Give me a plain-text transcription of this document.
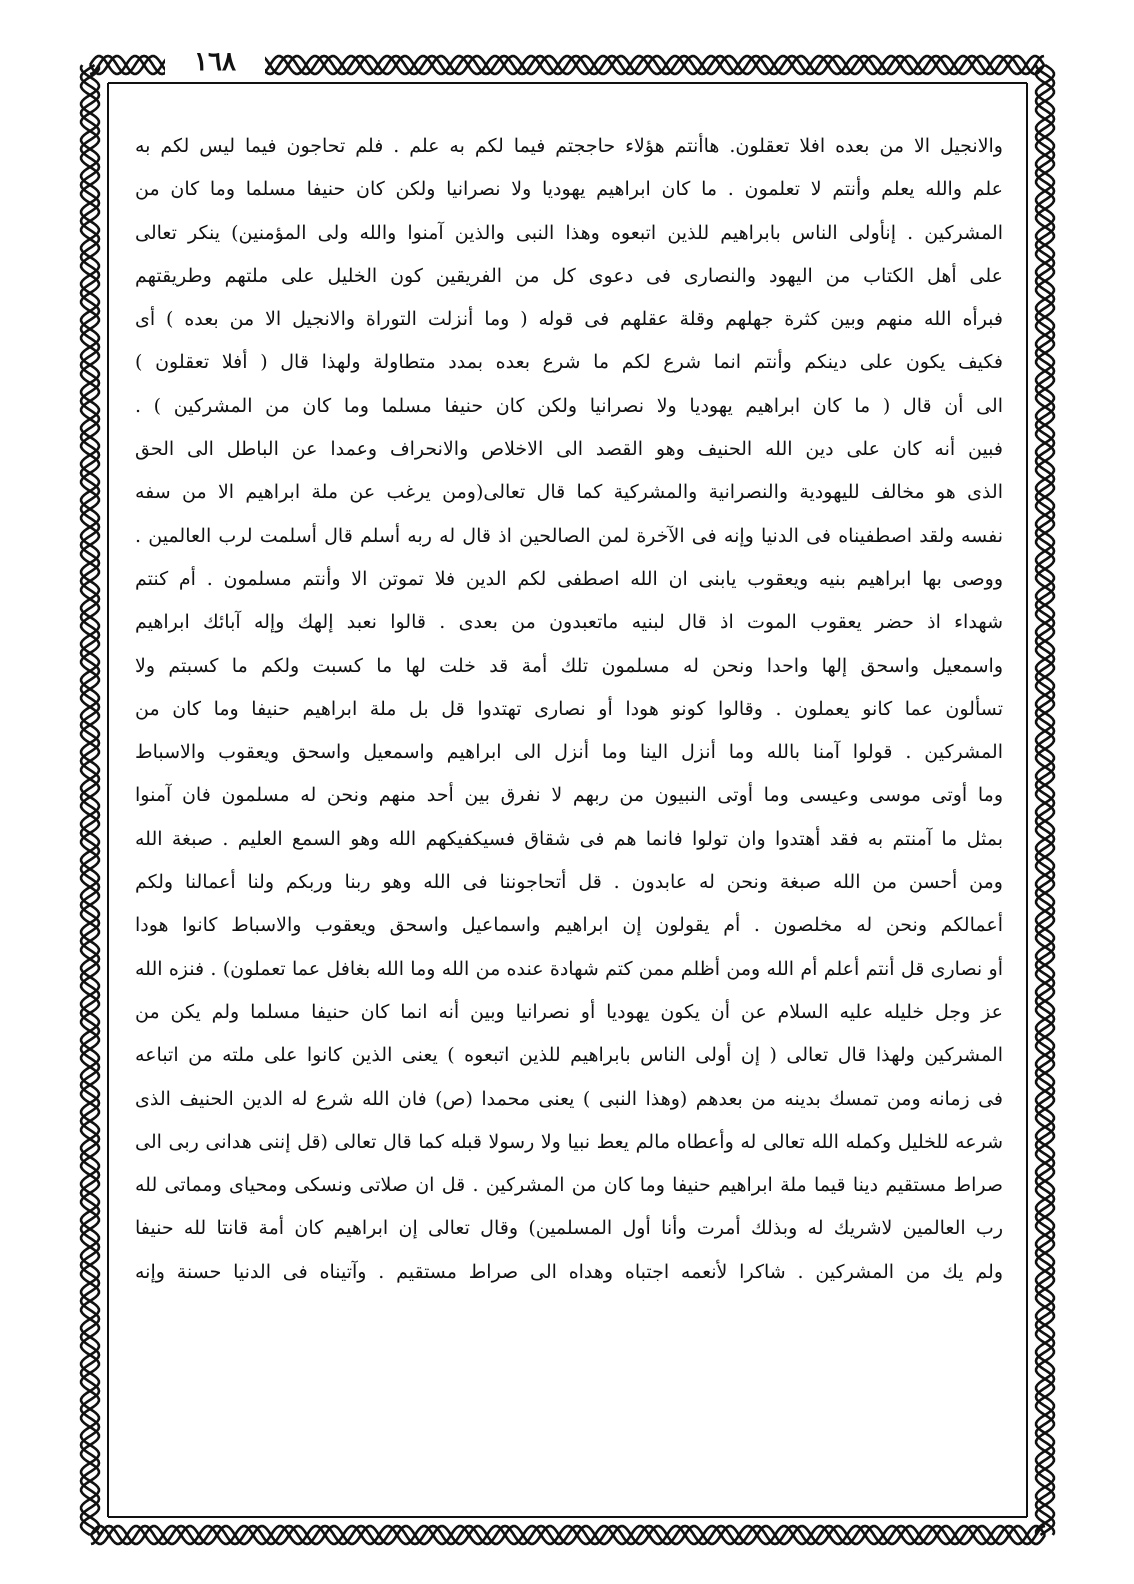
١٦٨
والانجيل الا من بعده افلا تعقلون. هاأنتم هؤلاء حاججتم فيما لكم به علم . فلم تحاجون فيما ليس لكم به
علم والله يعلم وأنتم لا تعلمون . ما كان ابراهيم يهوديا ولا نصرانيا ولكن كان حنيفا مسلما وما كان من
المشركين . إنأولى الناس بابراهيم للذين اتبعوه وهذا النبى والذين آمنوا والله ولى المؤمنين) ينكر تعالى
على أهل الكتاب من اليهود والنصارى فى دعوى كل من الفريقين كون الخليل على ملتهم وطريقتهم
فبرأه الله منهم وبين كثرة جهلهم وقلة عقلهم فى قوله ( وما أنزلت التوراة والانجيل الا من بعده ) أى
فكيف يكون على دينكم وأنتم انما شرع لكم ما شرع بعده بمدد متطاولة ولهذا قال ( أفلا تعقلون )
الى أن قال ( ما كان ابراهيم يهوديا ولا نصرانيا ولكن كان حنيفا مسلما وما كان من المشركين ) .
فبين أنه كان على دين الله الحنيف وهو القصد الى الاخلاص والانحراف وعمدا عن الباطل الى الحق
الذى هو مخالف لليهودية والنصرانية والمشركية كما قال تعالى(ومن يرغب عن ملة ابراهيم الا من سفه
نفسه ولقد اصطفيناه فى الدنيا وإنه فى الآخرة لمن الصالحين اذ قال له ربه أسلم قال أسلمت لرب العالمين .
ووصى بها ابراهيم بنيه ويعقوب يابنى ان الله اصطفى لكم الدين فلا تموتن الا وأنتم مسلمون . أم كنتم
شهداء اذ حضر يعقوب الموت اذ قال لبنيه ماتعبدون من بعدى . قالوا نعبد إلهك وإله آبائك ابراهيم
واسمعيل واسحق إلها واحدا ونحن له مسلمون تلك أمة قد خلت لها ما كسبت ولكم ما كسبتم ولا
تسألون عما كانو يعملون . وقالوا كونو هودا أو نصارى تهتدوا قل بل ملة ابراهيم حنيفا وما كان من
المشركين . قولوا آمنا بالله وما أنزل الينا وما أنزل الى ابراهيم واسمعيل واسحق ويعقوب والاسباط
وما أوتى موسى وعيسى وما أوتى النبيون من ربهم لا نفرق بين أحد منهم ونحن له مسلمون فان آمنوا
بمثل ما آمنتم به فقد أهتدوا وان تولوا فانما هم فى شقاق فسيكفيكهم الله وهو السمع العليم . صبغة الله
ومن أحسن من الله صبغة ونحن له عابدون . قل أتحاجوننا فى الله وهو ربنا وربكم ولنا أعمالنا ولكم
أعمالكم ونحن له مخلصون . أم يقولون إن ابراهيم واسماعيل واسحق ويعقوب والاسباط كانوا هودا
أو نصارى قل أنتم أعلم أم الله ومن أظلم ممن كتم شهادة عنده من الله وما الله بغافل عما تعملون) . فنزه الله
عز وجل خليله عليه السلام عن أن يكون يهوديا أو نصرانيا وبين أنه انما كان حنيفا مسلما ولم يكن من
المشركين ولهذا قال تعالى ( إن أولى الناس بابراهيم للذين اتبعوه ) يعنى الذين كانوا على ملته من اتباعه
فى زمانه ومن تمسك بدينه من بعدهم (وهذا النبى ) يعنى محمدا (ص) فان الله شرع له الدين الحنيف الذى
شرعه للخليل وكمله الله تعالى له وأعطاه مالم يعط نبيا ولا رسولا قبله كما قال تعالى (قل إننى هدانى ربى الى
صراط مستقيم دينا قيما ملة ابراهيم حنيفا وما كان من المشركين . قل ان صلاتى ونسكى ومحياى ومماتى لله
رب العالمين لاشريك له وبذلك أمرت وأنا أول المسلمين) وقال تعالى إن ابراهيم كان أمة قانتا لله حنيفا
ولم يك من المشركين . شاكرا لأنعمه اجتباه وهداه الى صراط مستقيم . وآتيناه فى الدنيا حسنة وإنه
